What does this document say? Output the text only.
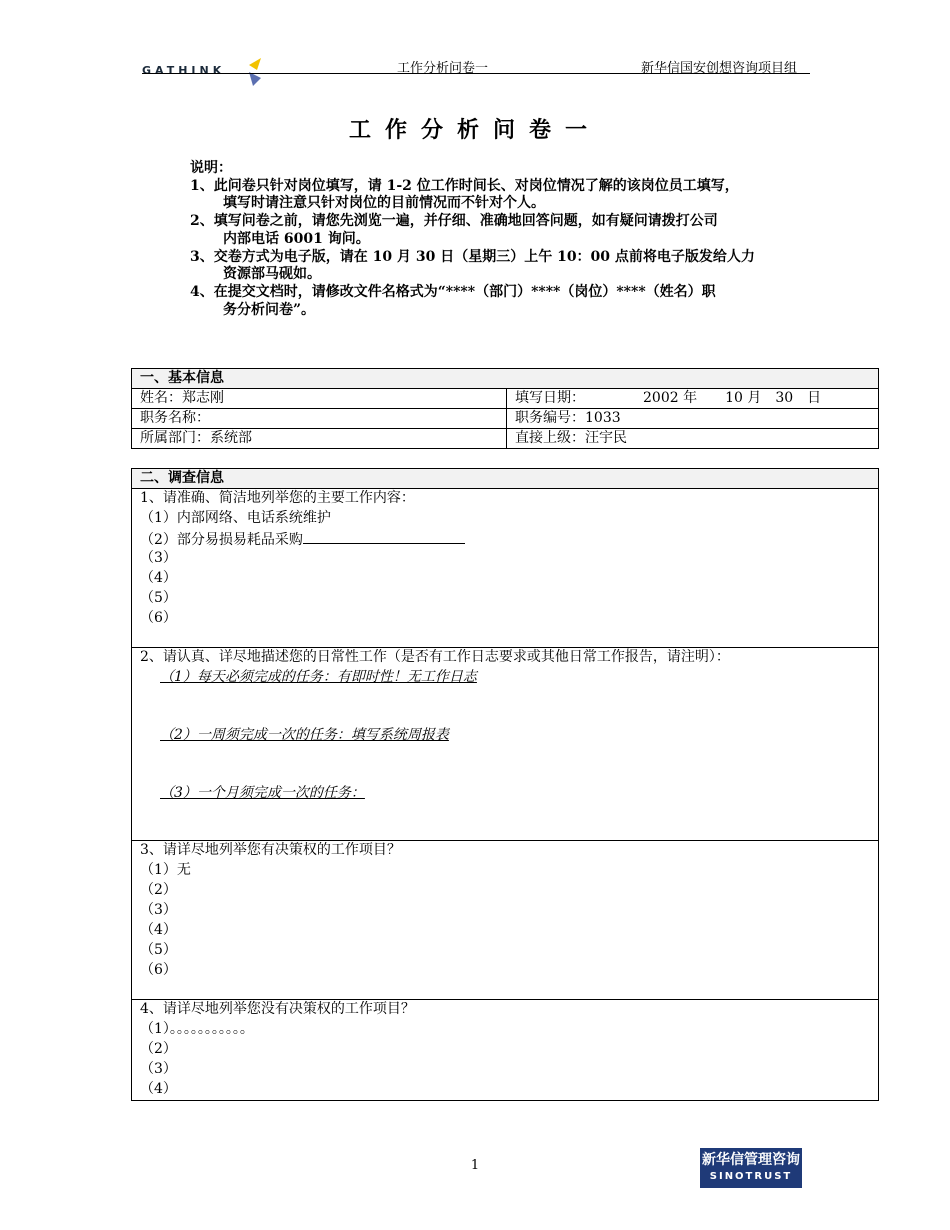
GATHINK	工作分析问卷一	新华信国安创想咨询项目组
工作分析问卷一
说明：

1、此问卷只针对岗位填写，请 1-2 位工作时间长、对岗位情况了解的该岗位员工填写，
填写时请注意只针对岗位的目前情况而不针对个人。

2、填写问卷之前，请您先浏览一遍，并仔细、准确地回答问题，如有疑问请拨打公司
内部电话 6001 询问。

3、交卷方式为电子版，请在 10 月 30 日（星期三）上午 10：00 点前将电子版发给人力
资源部马砚如。

4、在提交文档时，请修改文件名格式为“****（部门）****（岗位）****（姓名）职
务分析问卷”。

一、基本信息	
姓名：郑志刚	填写日期： 2002 年　　10 月　30　日
职务名称：	职务编号：1033
所属部门：系统部	直接上级：汪宇民
二、调查信息

1、请准确、简洁地列举您的主要工作内容：
（1）内部网络、电话系统维护
（2）部分易损易耗品采购
（3）
（4）
（5）
（6）

2、请认真、详尽地描述您的日常性工作（是否有工作日志要求或其他日常工作报告，请注明）：
（1）每天必须完成的任务：有即时性！无工作日志
（2）一周须完成一次的任务：填写系统周报表
（3）一个月须完成一次的任务：

3、请详尽地列举您有决策权的工作项目？
（1）无
（2）
（3）
（4）
（5）
（6）

4、请详尽地列举您没有决策权的工作项目？
（1）。。。。。。。。。。。
（2）
（3）
（4）
1	新华信管理咨询
SINOTRUST
